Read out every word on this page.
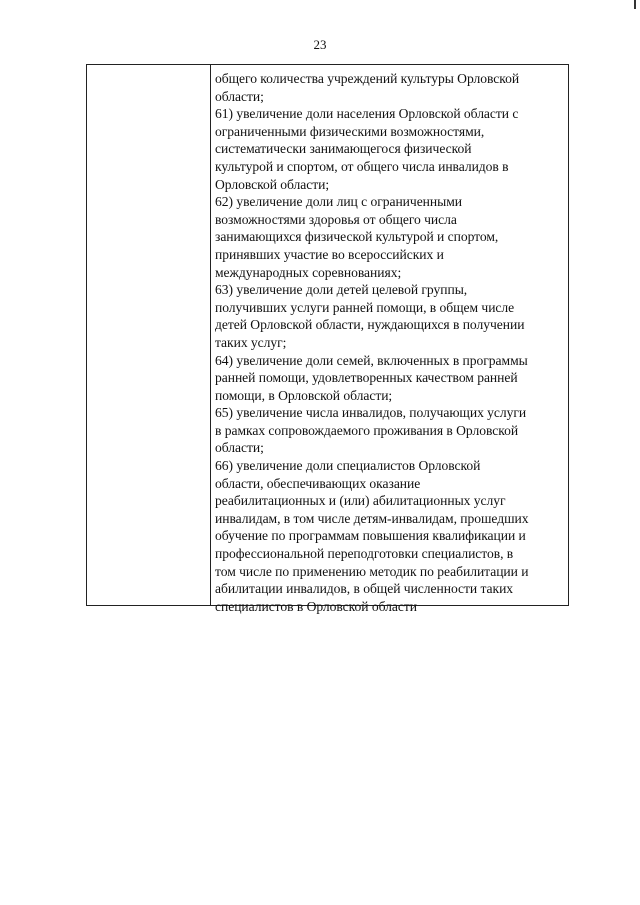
23
общего количества учреждений культуры Орловской
области;
61) увеличение доли населения Орловской области с
ограниченными физическими возможностями,
систематически занимающегося физической
культурой и спортом, от общего числа инвалидов в
Орловской области;
62) увеличение доли лиц с ограниченными
возможностями здоровья от общего числа
занимающихся физической культурой и спортом,
принявших участие во всероссийских и
международных соревнованиях;
63) увеличение доли детей целевой группы,
получивших услуги ранней помощи, в общем числе
детей Орловской области, нуждающихся в получении
таких услуг;
64) увеличение доли семей, включенных в программы
ранней помощи, удовлетворенных качеством ранней
помощи, в Орловской области;
65) увеличение числа инвалидов, получающих услуги
в рамках сопровождаемого проживания в Орловской
области;
66) увеличение доли специалистов Орловской
области, обеспечивающих оказание
реабилитационных и (или) абилитационных услуг
инвалидам, в том числе детям-инвалидам, прошедших
обучение по программам повышения квалификации и
профессиональной переподготовки специалистов, в
том числе по применению методик по реабилитации и
абилитации инвалидов, в общей численности таких
специалистов в Орловской области
